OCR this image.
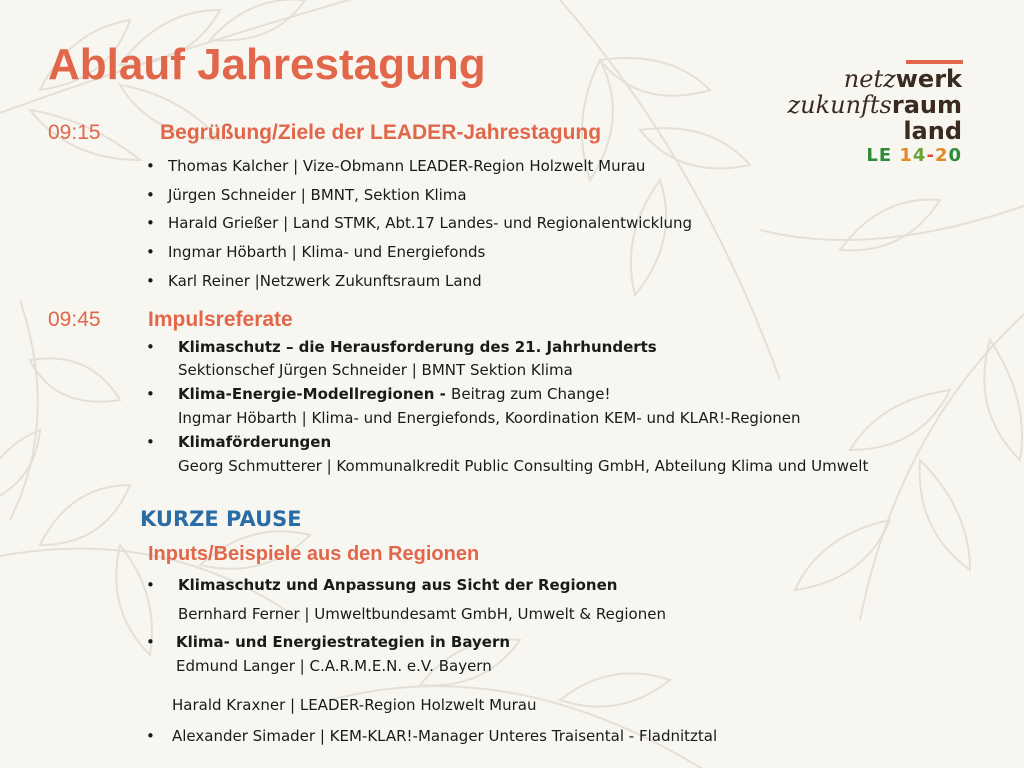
Ablauf Jahrestagung	netzwerk
zukunftsraum
land
LE 14-20
09:15	Begrüßung/Ziele der LEADER-Jahrestagung
• Thomas Kalcher | Vize-Obmann LEADER-Region Holzwelt Murau
• Jürgen Schneider | BMNT, Sektion Klima
• Harald Grießer | Land STMK, Abt.17 Landes- und Regionalentwicklung
• Ingmar Höbarth | Klima- und Energiefonds
• Karl Reiner |Netzwerk Zukunftsraum Land
09:45 Impulsreferate
• Klimaschutz – die Herausforderung des 21. Jahrhunderts
Sektionschef Jürgen Schneider | BMNT Sektion Klima
• Klima-Energie-Modellregionen - Beitrag zum Change!
Ingmar Höbarth | Klima- und Energiefonds, Koordination KEM- und KLAR!-Regionen
• Klimaförderungen
Georg Schmutterer | Kommunalkredit Public Consulting GmbH, Abteilung Klima und Umwelt
KURZE PAUSE
Inputs/Beispiele aus den Regionen
• Klimaschutz und Anpassung aus Sicht der Regionen
Bernhard Ferner | Umweltbundesamt GmbH, Umwelt & Regionen
• Klima- und Energiestrategien in Bayern
Edmund Langer | C.A.R.M.E.N. e.V. Bayern
Harald Kraxner | LEADER-Region Holzwelt Murau
• Alexander Simader | KEM-KLAR!-Manager Unteres Traisental - Fladnitztal
